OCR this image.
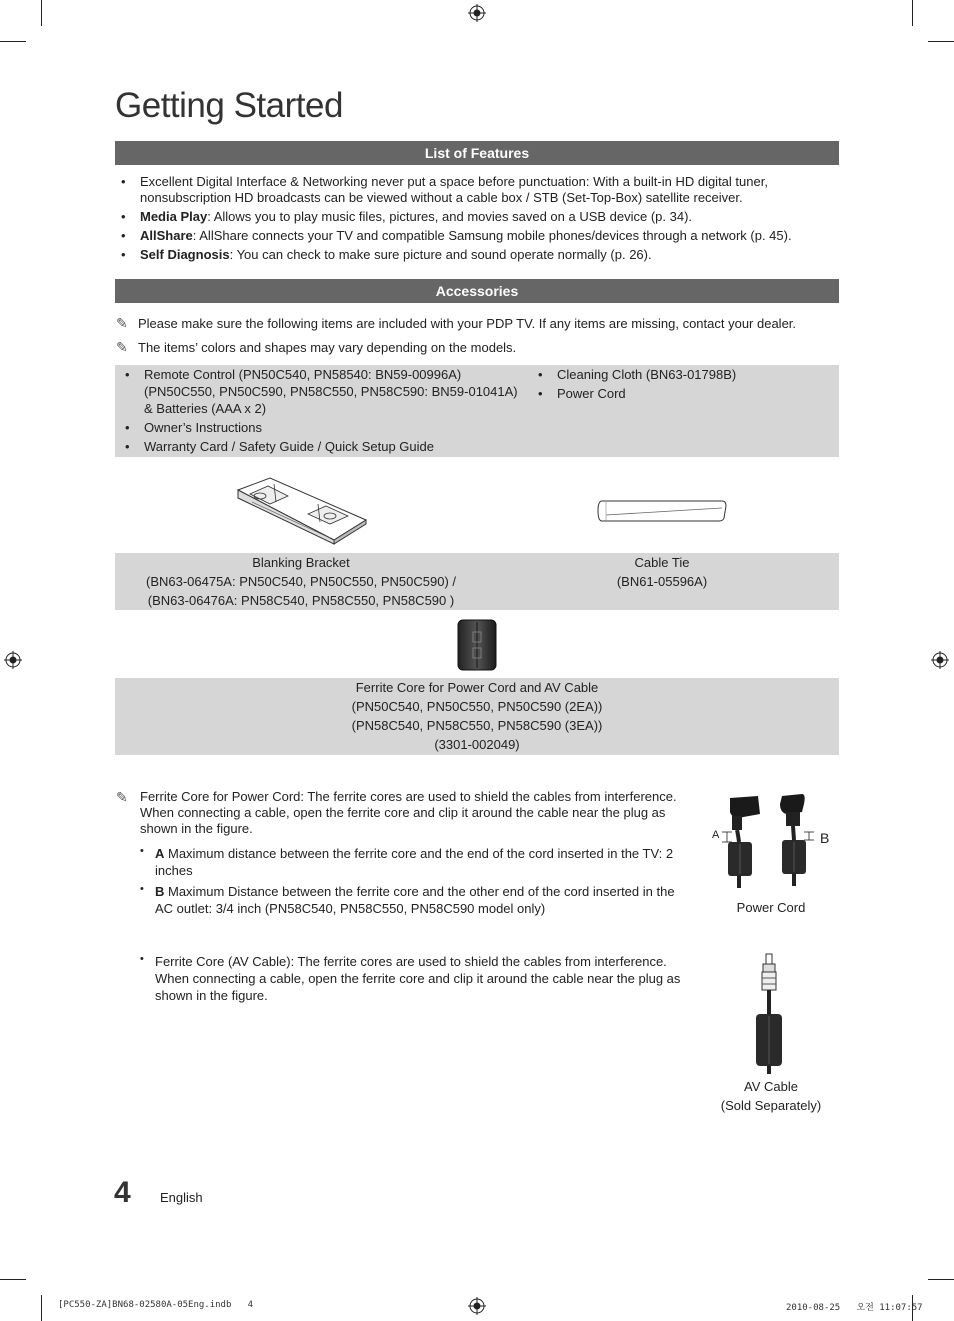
Getting Started
List of Features
• Excellent Digital Interface & Networking never put a space before punctuation: With a built-in HD digital tuner, nonsubscription HD broadcasts can be viewed without a cable box / STB (Set-Top-Box) satellite receiver.
• Media Play: Allows you to play music files, pictures, and movies saved on a USB device (p. 34).
• AllShare: AllShare connects your TV and compatible Samsung mobile phones/devices through a network (p. 45).
• Self Diagnosis: You can check to make sure picture and sound operate normally (p. 26).
Accessories
✎ Please make sure the following items are included with your PDP TV. If any items are missing, contact your dealer.
✎ The items’ colors and shapes may vary depending on the models.
• Remote Control (PN50C540, PN58540: BN59-00996A) (PN50C550, PN50C590, PN58C550, PN58C590: BN59-01041A) & Batteries (AAA x 2)
• Owner’s Instructions
• Warranty Card / Safety Guide / Quick Setup Guide
• Cleaning Cloth (BN63-01798B)
• Power Cord
Blanking Bracket
(BN63-06475A: PN50C540, PN50C550, PN50C590) /
(BN63-06476A: PN58C540, PN58C550, PN58C590 )
Cable Tie
(BN61-05596A)
Ferrite Core for Power Cord and AV Cable
(PN50C540, PN50C550, PN50C590 (2EA))
(PN58C540, PN58C550, PN58C590 (3EA))
(3301-002049)
✎ Ferrite Core for Power Cord: The ferrite cores are used to shield the cables from interference. When connecting a cable, open the ferrite core and clip it around the cable near the plug as shown in the figure.
• A Maximum distance between the ferrite core and the end of the cord inserted in the TV: 2 inches
• B Maximum Distance between the ferrite core and the other end of the cord inserted in the AC outlet: 3/4 inch (PN58C540, PN58C550, PN58C590 model only)
• Ferrite Core (AV Cable): The ferrite cores are used to shield the cables from interference. When connecting a cable, open the ferrite core and clip it around the cable near the plug as shown in the figure.
A	B
Power Cord
AV Cable
(Sold Separately)
4 English
[PC550-ZA]BN68-02580A-05Eng.indb   4	2010-08-25   오전 11:07:57
